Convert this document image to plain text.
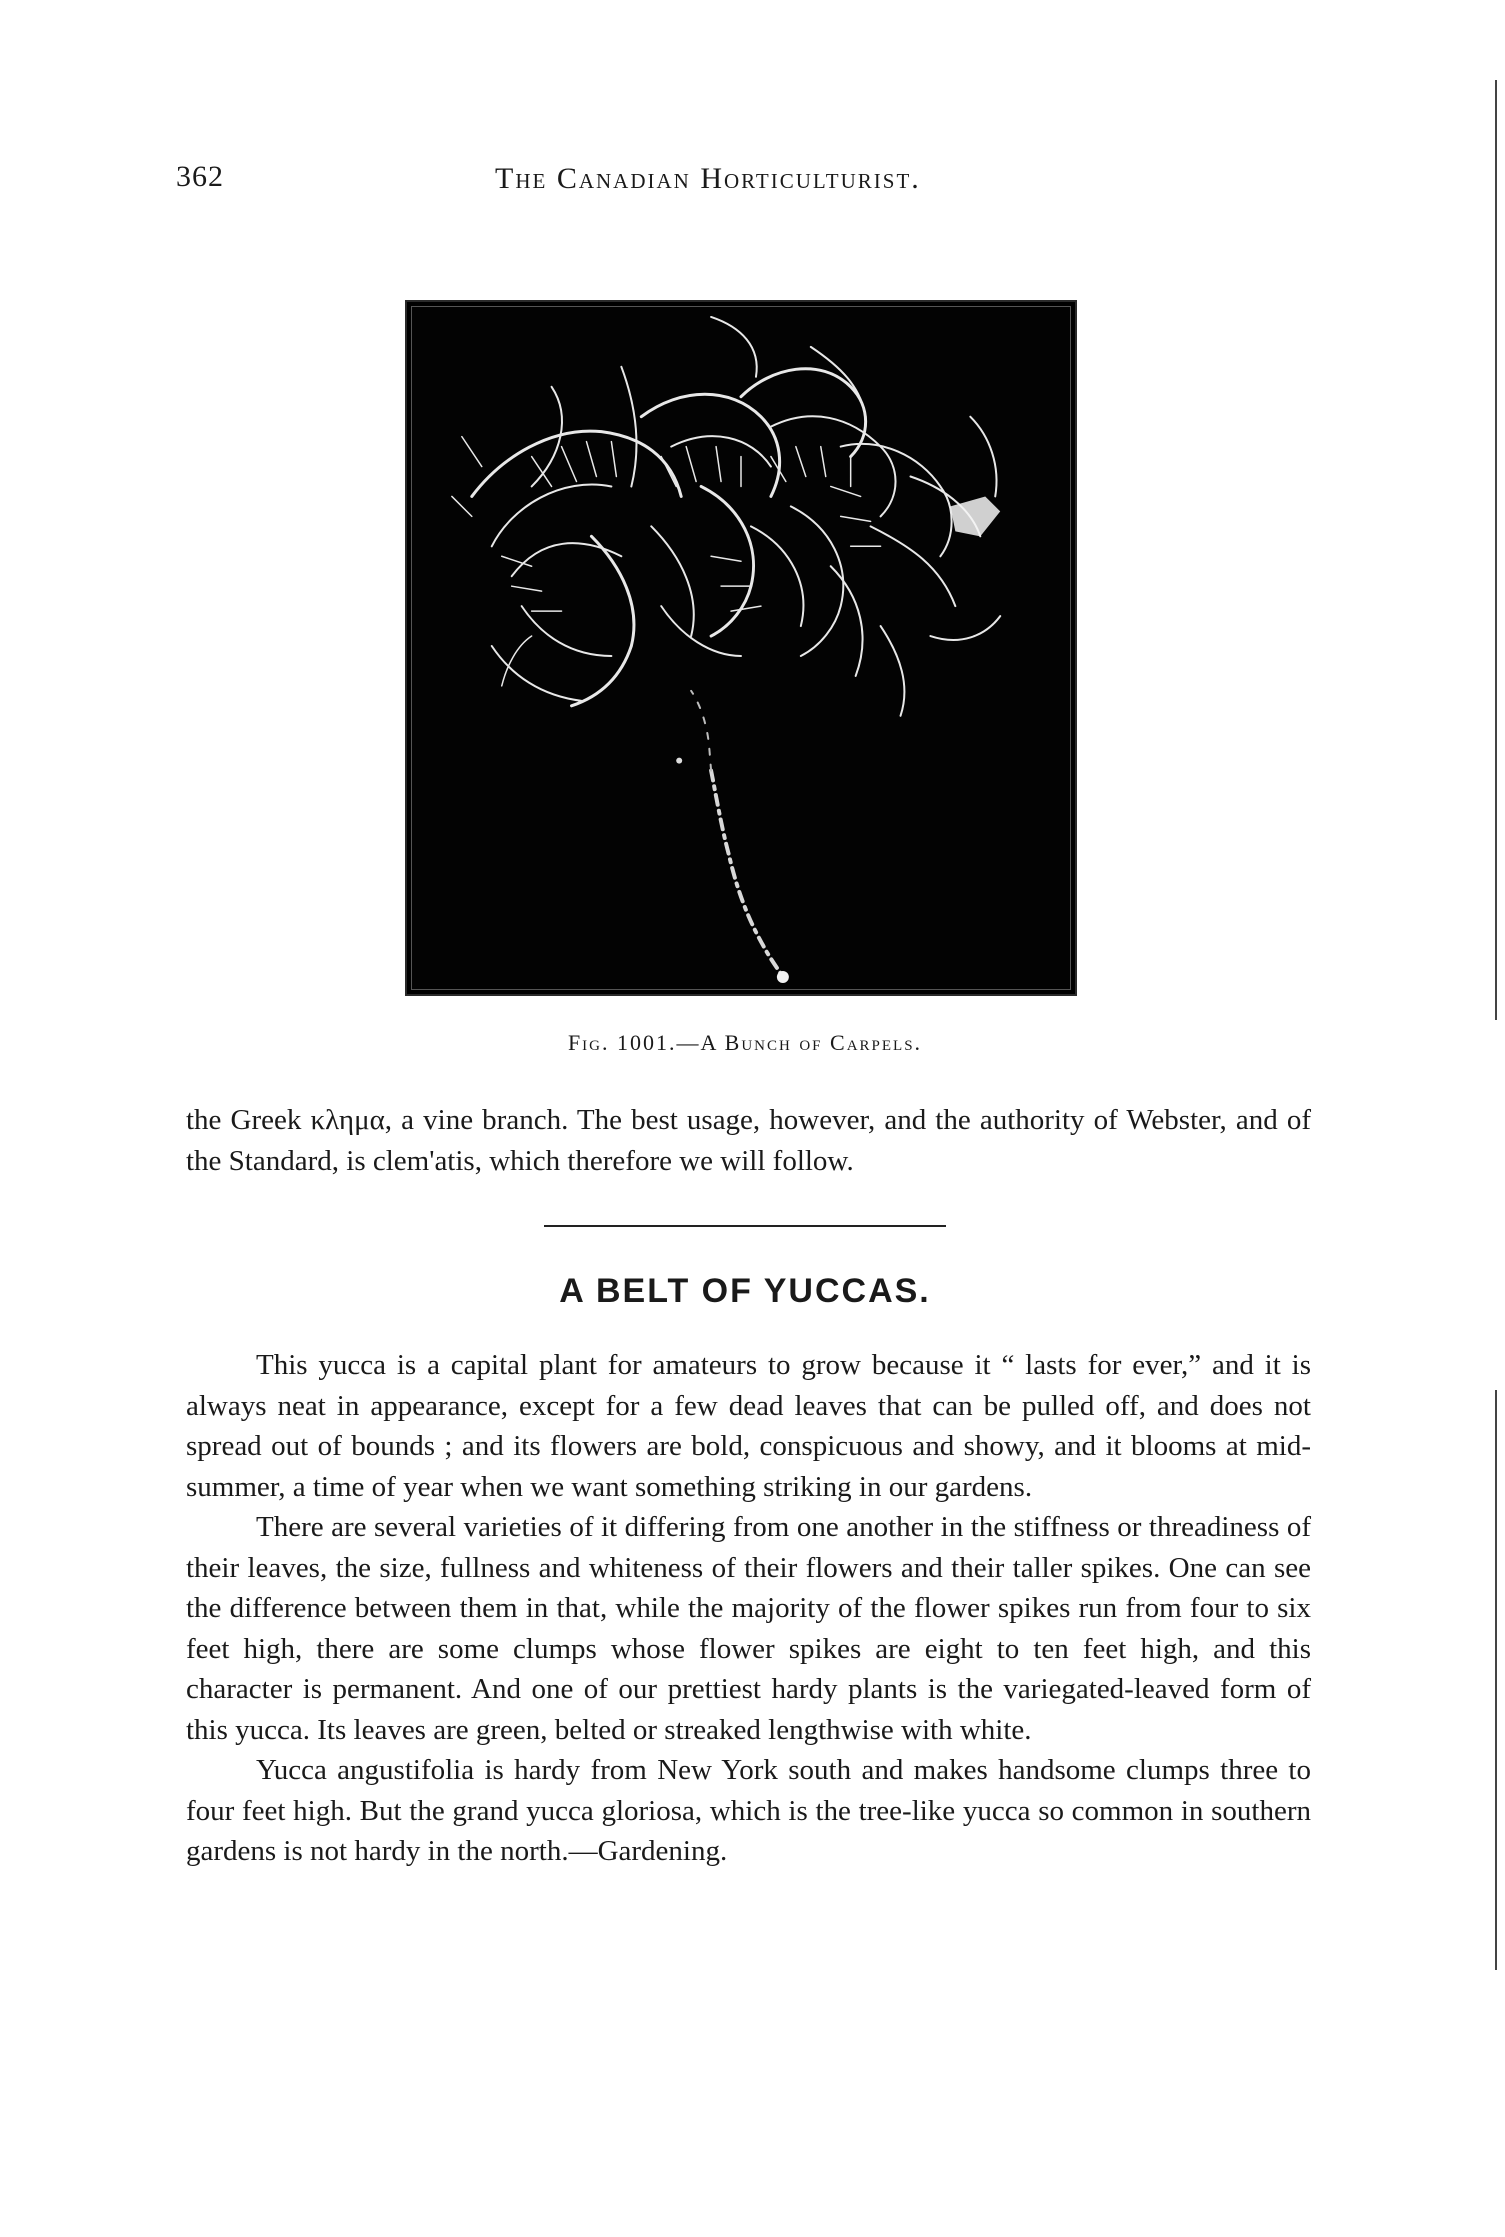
362	The Canadian Horticulturist.
Fig. 1001.—A Bunch of Carpels.

the Greek κλημα, a vine branch. The best usage, however, and the authority of Webster, and of the Standard, is clem'atis, which therefore we will follow.

A BELT OF YUCCAS.

This yucca is a capital plant for amateurs to grow because it “ lasts for ever,” and it is always neat in appearance, except for a few dead leaves that can be pulled off, and does not spread out of bounds ; and its flowers are bold, conspicuous and showy, and it blooms at mid-summer, a time of year when we want something striking in our gardens.

There are several varieties of it differing from one another in the stiffness or threadiness of their leaves, the size, fullness and whiteness of their flowers and their taller spikes. One can see the difference between them in that, while the majority of the flower spikes run from four to six feet high, there are some clumps whose flower spikes are eight to ten feet high, and this character is permanent. And one of our prettiest hardy plants is the variegated-leaved form of this yucca. Its leaves are green, belted or streaked lengthwise with white.

Yucca angustifolia is hardy from New York south and makes handsome clumps three to four feet high. But the grand yucca gloriosa, which is the tree-like yucca so common in southern gardens is not hardy in the north.—Gardening.
